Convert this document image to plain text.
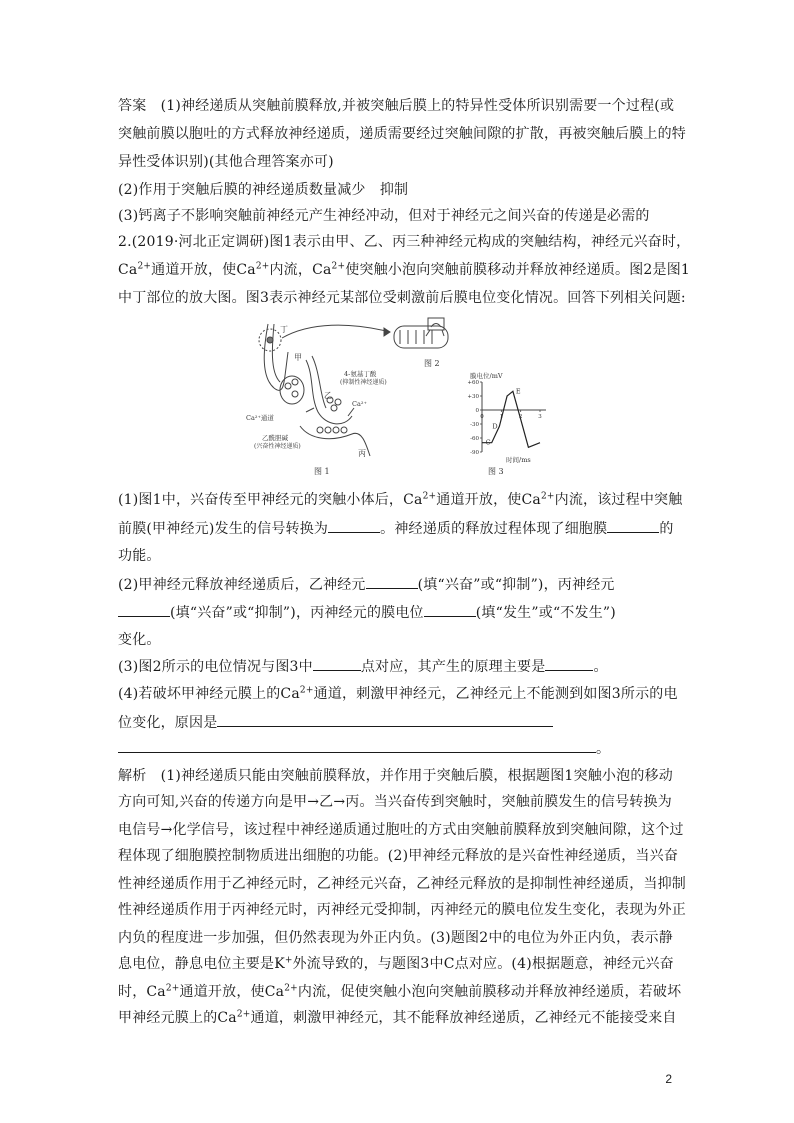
答案　(1)神经递质从突触前膜释放,并被突触后膜上的特异性受体所识别需要一个过程(或
突触前膜以胞吐的方式释放神经递质，递质需要经过突触间隙的扩散，再被突触后膜上的特
异性受体识别)(其他合理答案亦可)
(2)作用于突触后膜的神经递质数量减少　抑制
(3)钙离子不影响突触前神经元产生神经冲动，但对于神经元之间兴奋的传递是必需的
2.(2019·河北正定调研)图1表示由甲、乙、丙三种神经元构成的突触结构，神经元兴奋时，
$Ca^{2+}$通道开放，使$Ca^{2+}$内流，$Ca^{2+}$使突触小泡向突触前膜移动并释放神经递质。图2是图1
中丁部位的放大图。图3表示神经元某部位受刺激前后膜电位变化情况。回答下列相关问题:
丁
甲
乙
丙
4-氨基丁酸
(抑制性神经递质)
Ca²⁺通道
Ca²⁺
乙酰胆碱
(兴奋性神经递质)
图 1
图 2
+60
+30
0
-30
-60
-90
0	1	2	3
C
D
E
膜电位/mV
时间/ms
图 3
(1)图1中，兴奋传至甲神经元的突触小体后，$Ca^{2+}$通道开放，使$Ca^{2+}$内流，该过程中突触
前膜(甲神经元)发生的信号转换为	。神经递质的释放过程体现了细胞膜	的
功能。
(2)甲神经元释放神经递质后，乙神经元	(填“兴奋”或“抑制”)，丙神经元
(填“兴奋”或“抑制”)，丙神经元的膜电位	(填“发生”或“不发生”)
变化。
(3)图2所示的电位情况与图3中	点对应，其产生的原理主要是	。
(4)若破坏甲神经元膜上的$Ca^{2+}$通道，刺激甲神经元，乙神经元上不能测到如图3所示的电
位变化，原因是
。
解析　(1)神经递质只能由突触前膜释放，并作用于突触后膜，根据题图1突触小泡的移动
方向可知,兴奋的传递方向是甲→乙→丙。当兴奋传到突触时，突触前膜发生的信号转换为
电信号→化学信号，该过程中神经递质通过胞吐的方式由突触前膜释放到突触间隙，这个过
程体现了细胞膜控制物质进出细胞的功能。(2)甲神经元释放的是兴奋性神经递质，当兴奋
性神经递质作用于乙神经元时，乙神经元兴奋，乙神经元释放的是抑制性神经递质，当抑制
性神经递质作用于丙神经元时，丙神经元受抑制，丙神经元的膜电位发生变化，表现为外正
内负的程度进一步加强，但仍然表现为外正内负。(3)题图2中的电位为外正内负，表示静
息电位，静息电位主要是K+外流导致的，与题图3中C点对应。(4)根据题意，神经元兴奋
时，$Ca^{2+}$通道开放，使$Ca^{2+}$内流，促使突触小泡向突触前膜移动并释放神经递质，若破坏
甲神经元膜上的$Ca^{2+}$通道，刺激甲神经元，其不能释放神经递质，乙神经元不能接受来自
2
